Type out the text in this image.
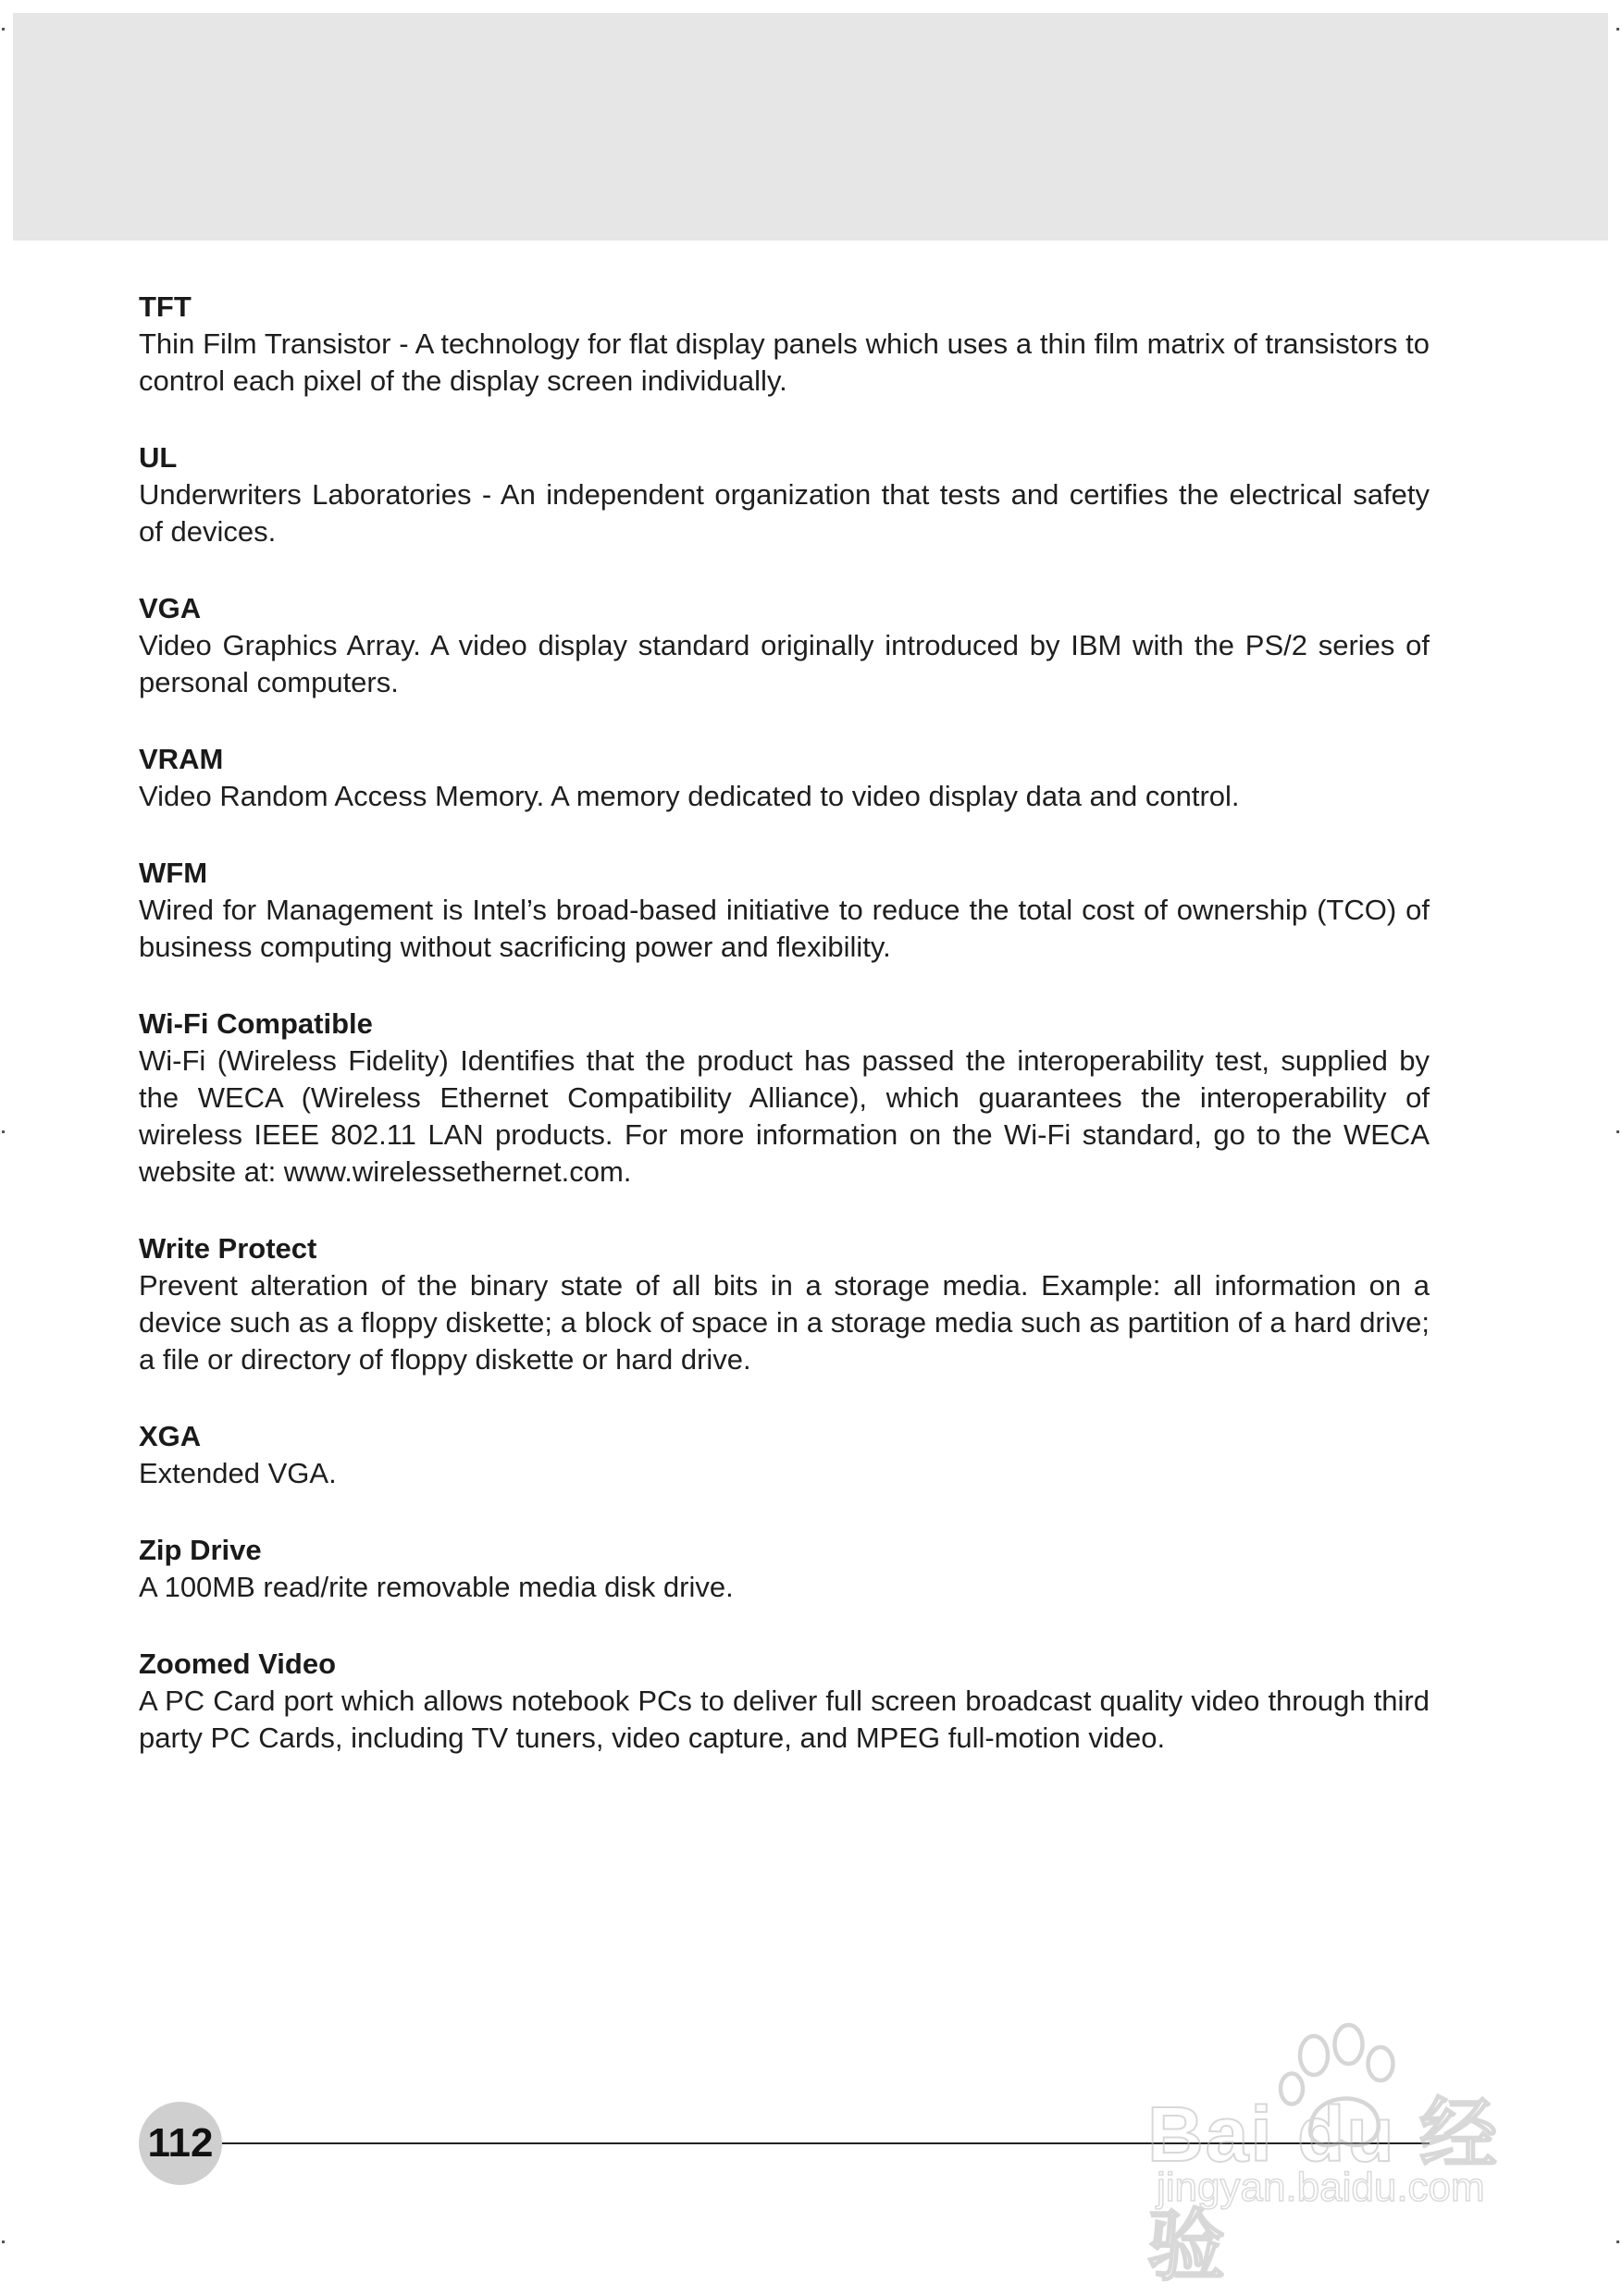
TFT
Thin Film Transistor - A technology for flat display panels which uses a thin film matrix of transistors to control each pixel of the display screen individually.
UL
Underwriters Laboratories - An independent organization that tests and certifies the electrical safety of devices.
VGA
Video Graphics Array. A video display standard originally introduced by IBM with the PS/2 series of personal computers.
VRAM
Video Random Access Memory. A memory dedicated to video display data and control.
WFM
Wired for Management is Intel’s broad-based initiative to reduce the total cost of ownership (TCO) of business computing without sacrificing power and flexibility.
Wi-Fi Compatible
Wi-Fi (Wireless Fidelity) Identifies that the product has passed the interoperability test, supplied by the WECA (Wireless Ethernet Compatibility Alliance), which guarantees the interoperability of wireless IEEE 802.11 LAN products. For more information on the Wi-Fi standard, go to the WECA website at: www.wirelessethernet.com.
Write Protect
Prevent alteration of the binary state of all bits in a storage media. Example: all information on a device such as a floppy diskette; a block of space in a storage media such as partition of a hard drive; a file or directory of floppy diskette or hard drive.
XGA
Extended VGA.
Zip Drive
A 100MB read/rite removable media disk drive.
Zoomed Video
A PC Card port which allows notebook PCs to deliver full screen broadcast quality video through third party PC Cards, including TV tuners, video capture, and MPEG full-motion video.
112	Bai du 经验
jingyan.baidu.com
